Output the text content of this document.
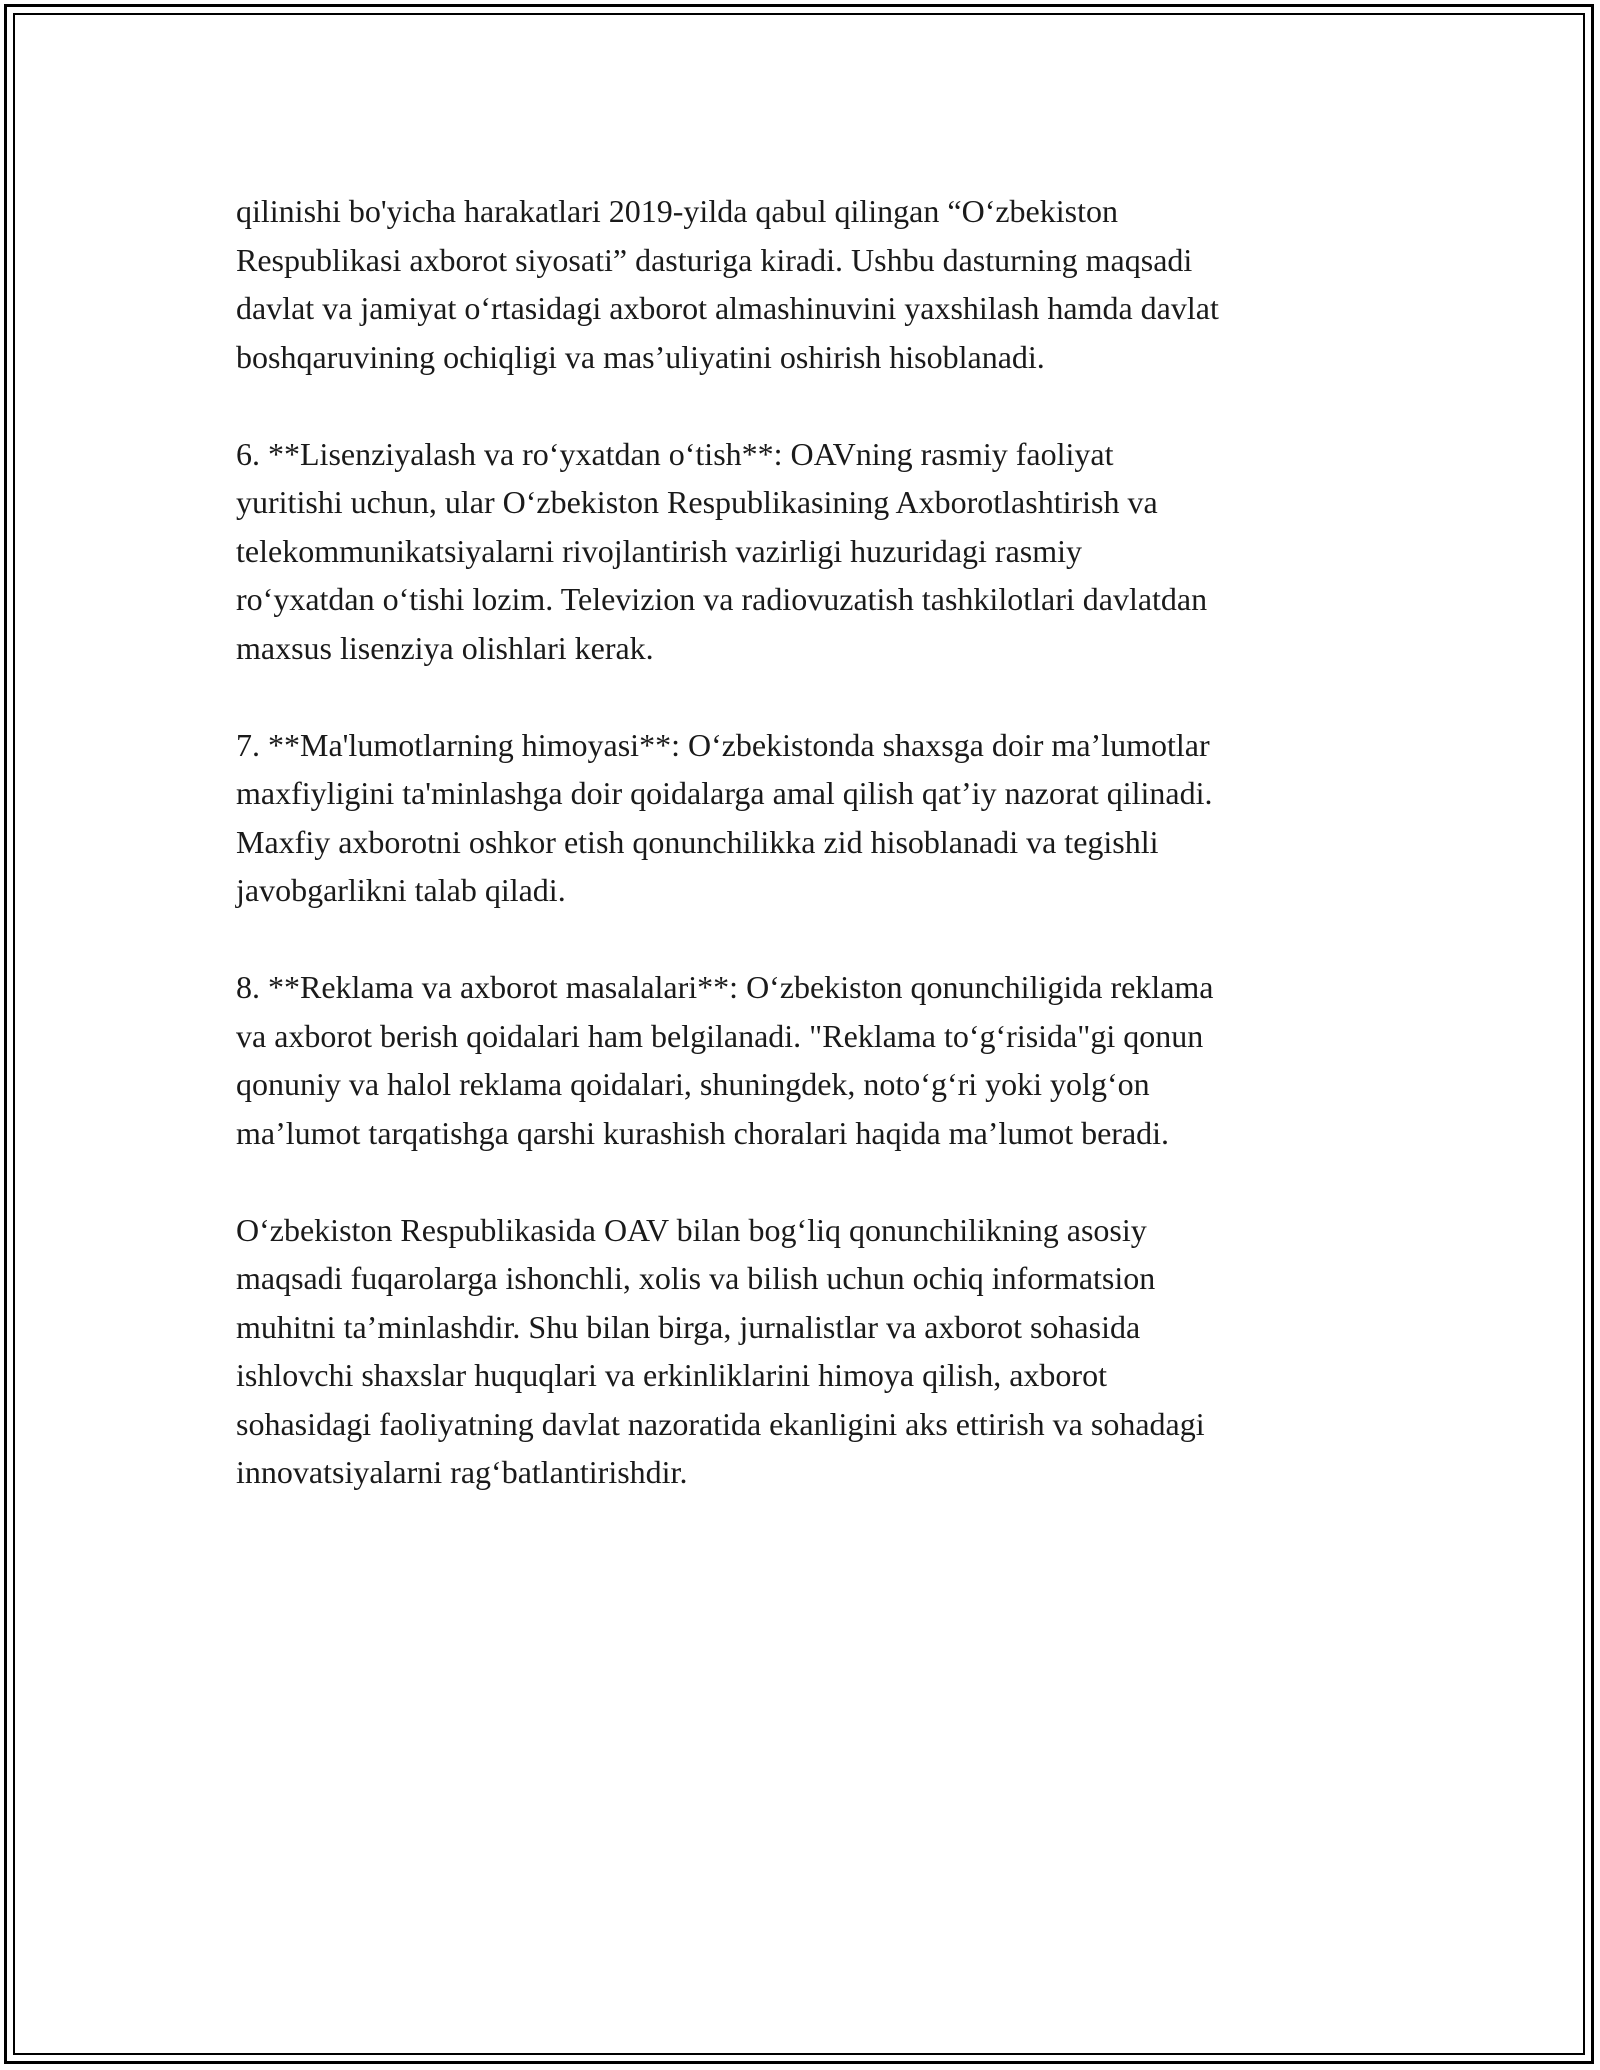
qilinishi bo'yicha harakatlari 2019-yilda qabul qilingan “Oʻzbekiston
Respublikasi axborot siyosati” dasturiga kiradi. Ushbu dasturning maqsadi
davlat va jamiyat oʻrtasidagi axborot almashinuvini yaxshilash hamda davlat
boshqaruvining ochiqligi va mas’uliyatini oshirish hisoblanadi.

6. **Lisenziyalash va roʻyxatdan oʻtish**: OAVning rasmiy faoliyat
yuritishi uchun, ular Oʻzbekiston Respublikasining Axborotlashtirish va
telekommunikatsiyalarni rivojlantirish vazirligi huzuridagi rasmiy
roʻyxatdan oʻtishi lozim. Televizion va radiovuzatish tashkilotlari davlatdan
maxsus lisenziya olishlari kerak.

7. **Ma'lumotlarning himoyasi**: Oʻzbekistonda shaxsga doir ma’lumotlar
maxfiyligini ta'minlashga doir qoidalarga amal qilish qat’iy nazorat qilinadi.
Maxfiy axborotni oshkor etish qonunchilikka zid hisoblanadi va tegishli
javobgarlikni talab qiladi.

8. **Reklama va axborot masalalari**: Oʻzbekiston qonunchiligida reklama
va axborot berish qoidalari ham belgilanadi. "Reklama toʻgʻrisida"gi qonun
qonuniy va halol reklama qoidalari, shuningdek, notoʻgʻri yoki yolgʻon
ma’lumot tarqatishga qarshi kurashish choralari haqida ma’lumot beradi.

Oʻzbekiston Respublikasida OAV bilan bogʻliq qonunchilikning asosiy
maqsadi fuqarolarga ishonchli, xolis va bilish uchun ochiq informatsion
muhitni ta’minlashdir. Shu bilan birga, jurnalistlar va axborot sohasida
ishlovchi shaxslar huquqlari va erkinliklarini himoya qilish, axborot
sohasidagi faoliyatning davlat nazoratida ekanligini aks ettirish va sohadagi
innovatsiyalarni ragʻbatlantirishdir.
